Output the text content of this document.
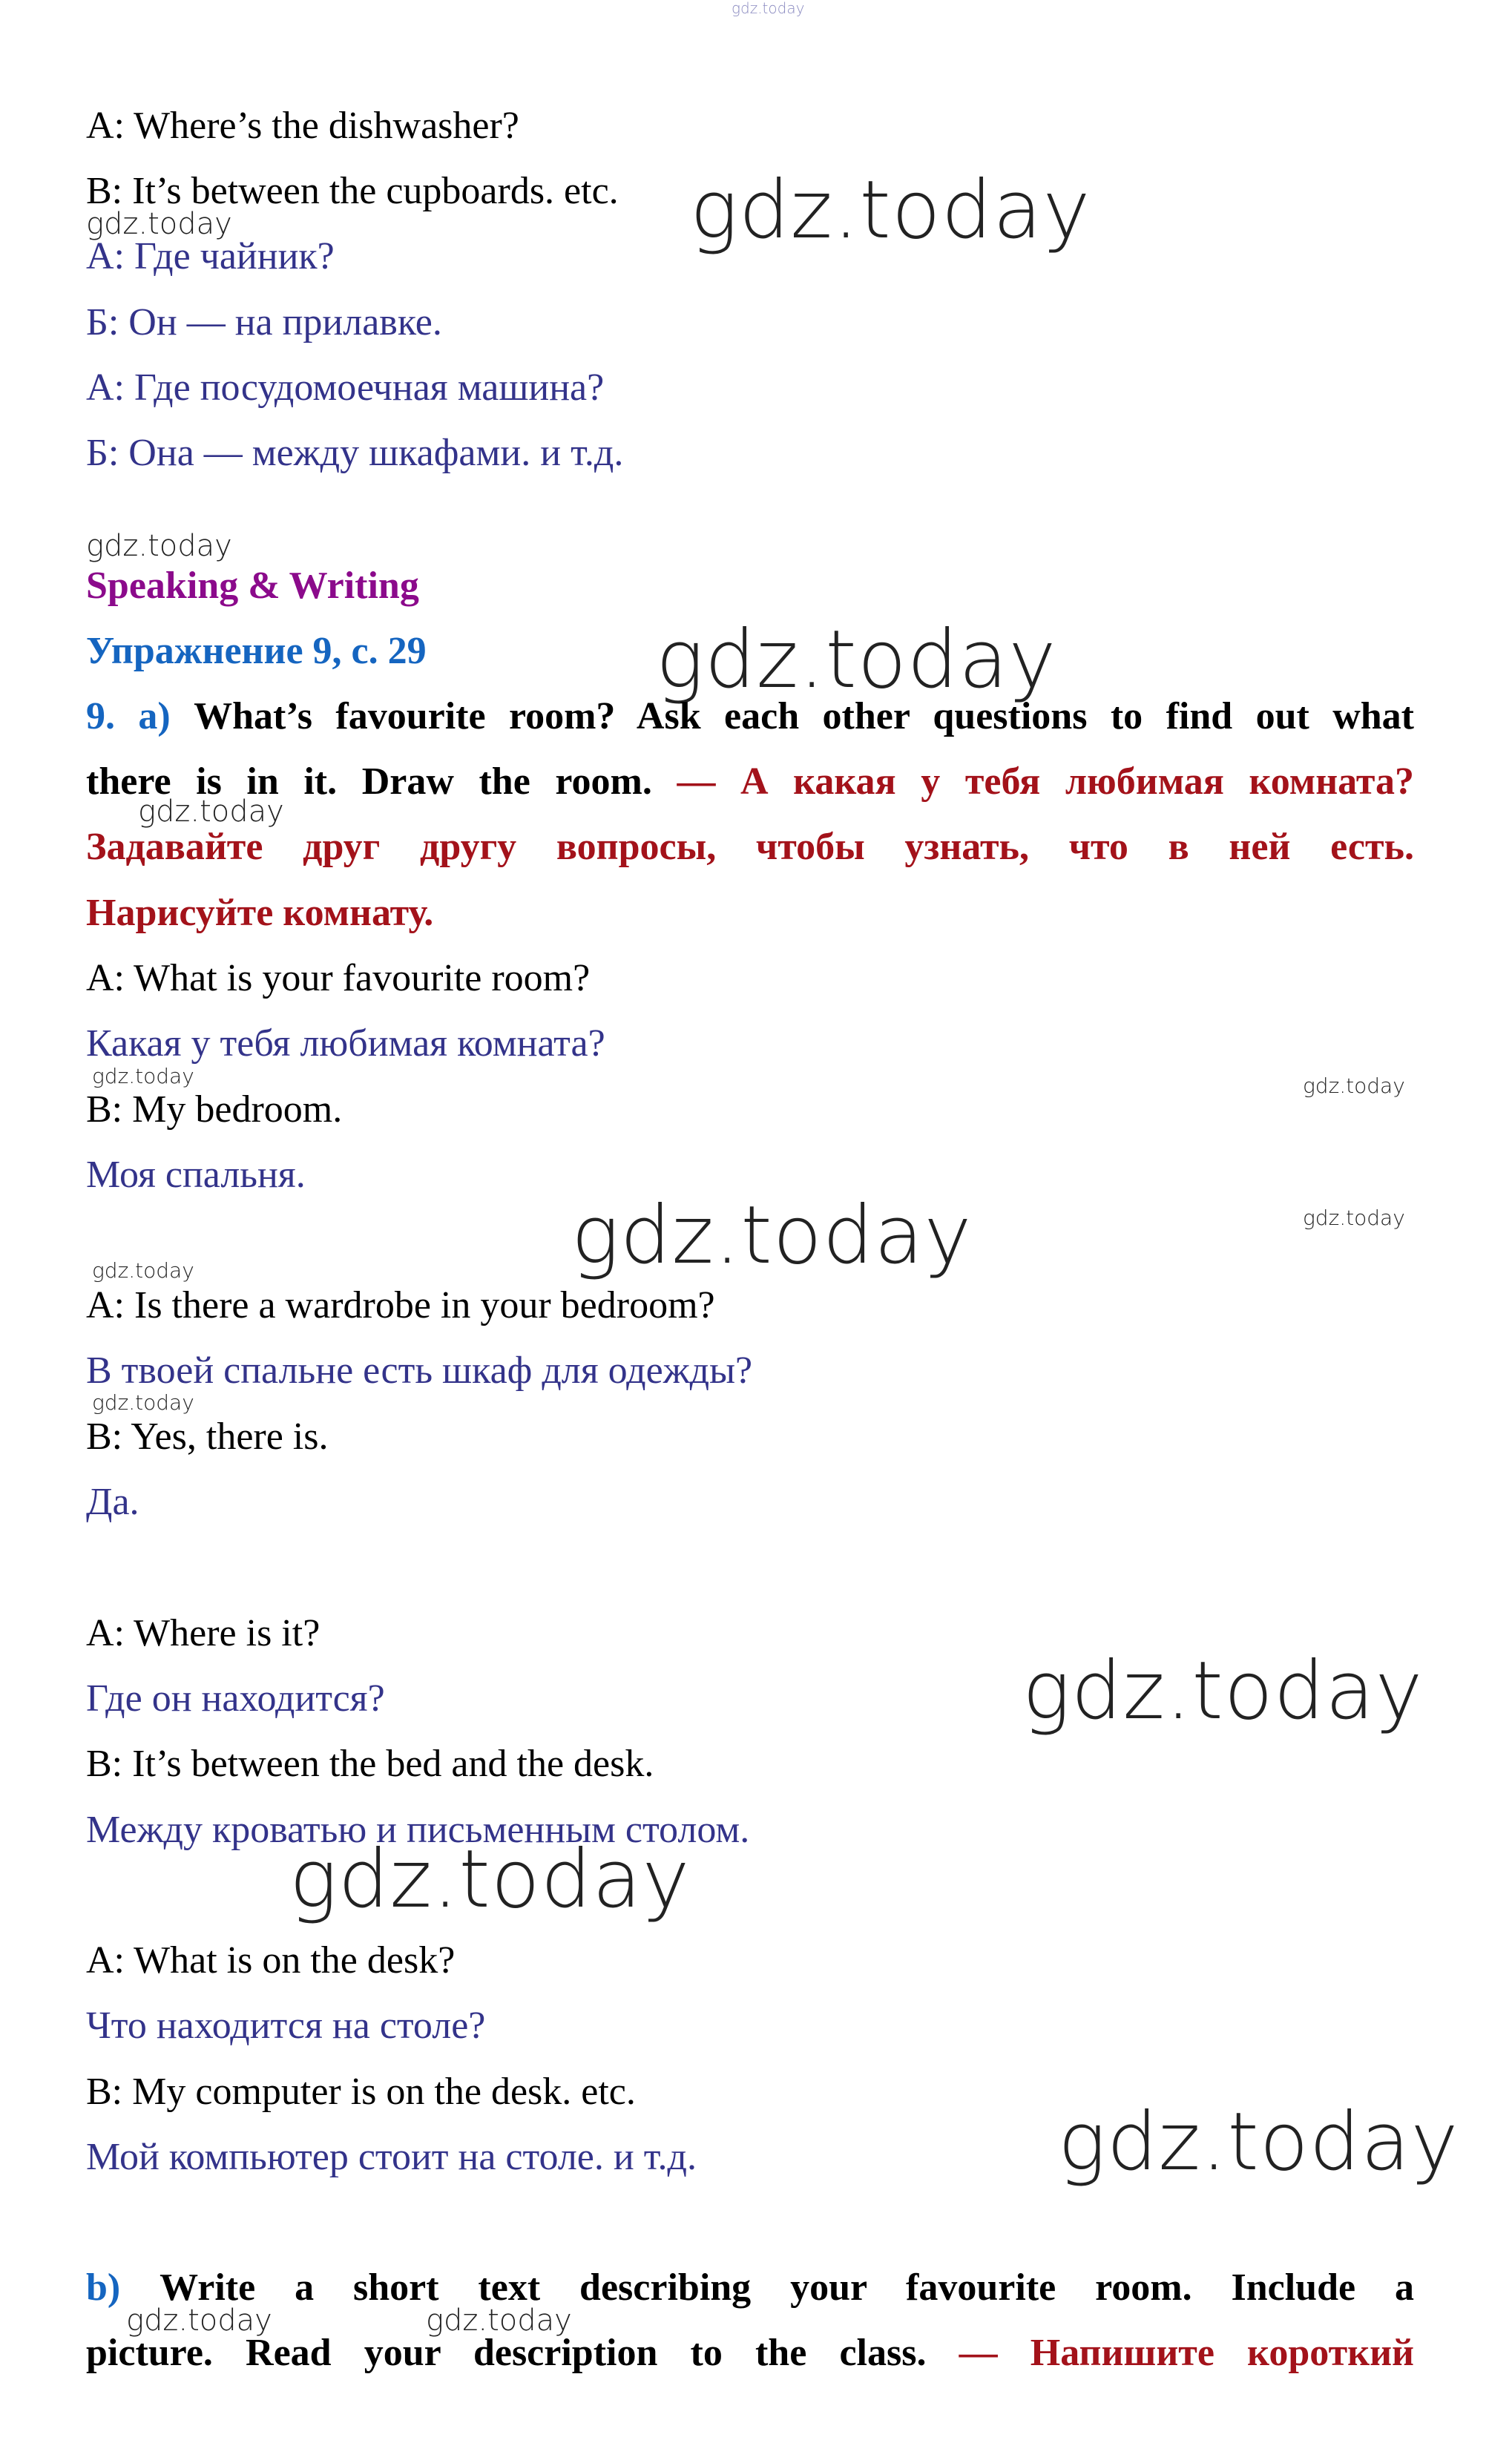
gdz.today

A: Where’s the dishwasher?

B: It’s between the cupboards. etc.

А: Где чайник?

Б: Он — на прилавке.

А: Где посудомоечная машина?

Б: Она — между шкафами. и т.д.

gdz.today	gdz.today
gdz.today

Speaking & Writing

Упражнение 9, с. 29	gdz.today

9. a) What’s favourite room? Ask each other questions to find out what

there is in it. Draw the room. — А какая у тебя любимая комната?

gdz.today

Задавайте друг другу вопросы, чтобы узнать, что в ней есть.

Нарисуйте комнату.

A: What is your favourite room?

Какая у тебя любимая комната?

gdz.today	gdz.today

B: My bedroom.

Моя спальня.

gdz.today	gdz.today
gdz.today

A: Is there a wardrobe in your bedroom?

В твоей спальне есть шкаф для одежды?

gdz.today

B: Yes, there is.

Да.

A: Where is it?

Где он находится?	gdz.today

B: It’s between the bed and the desk.

Между кроватью и письменным столом.

gdz.today

A: What is on the desk?

Что находится на столе?

B: My computer is on the desk. etc.

Мой компьютер стоит на столе. и т.д.	gdz.today

b) Write a short text describing your favourite room. Include a

gdz.today	gdz.today

picture. Read your description to the class. — Напишите короткий
